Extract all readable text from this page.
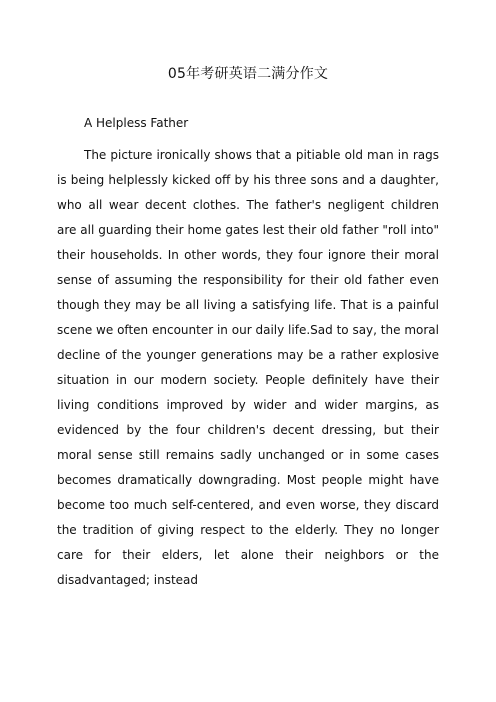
05年考研英语二满分作文
A Helpless Father

The picture ironically shows that a pitiable old man in rags is being helplessly kicked off by his three sons and a daughter, who all wear decent clothes. The father's negligent children are all guarding their home gates lest their old father "roll into" their households. In other words, they four ignore their moral sense of assuming the responsibility for their old father even though they may be all living a satisfying life. That is a painful scene we often encounter in our daily life.Sad to say, the moral decline of the younger generations may be a rather explosive situation in our modern society. People definitely have their living conditions improved by wider and wider margins, as evidenced by the four children's decent dressing, but their moral sense still remains sadly unchanged or in some cases becomes dramatically downgrading. Most people might have become too much self-centered, and even worse, they discard the tradition of giving respect to the elderly. They no longer care for their elders, let alone their neighbors or the disadvantaged; instead
